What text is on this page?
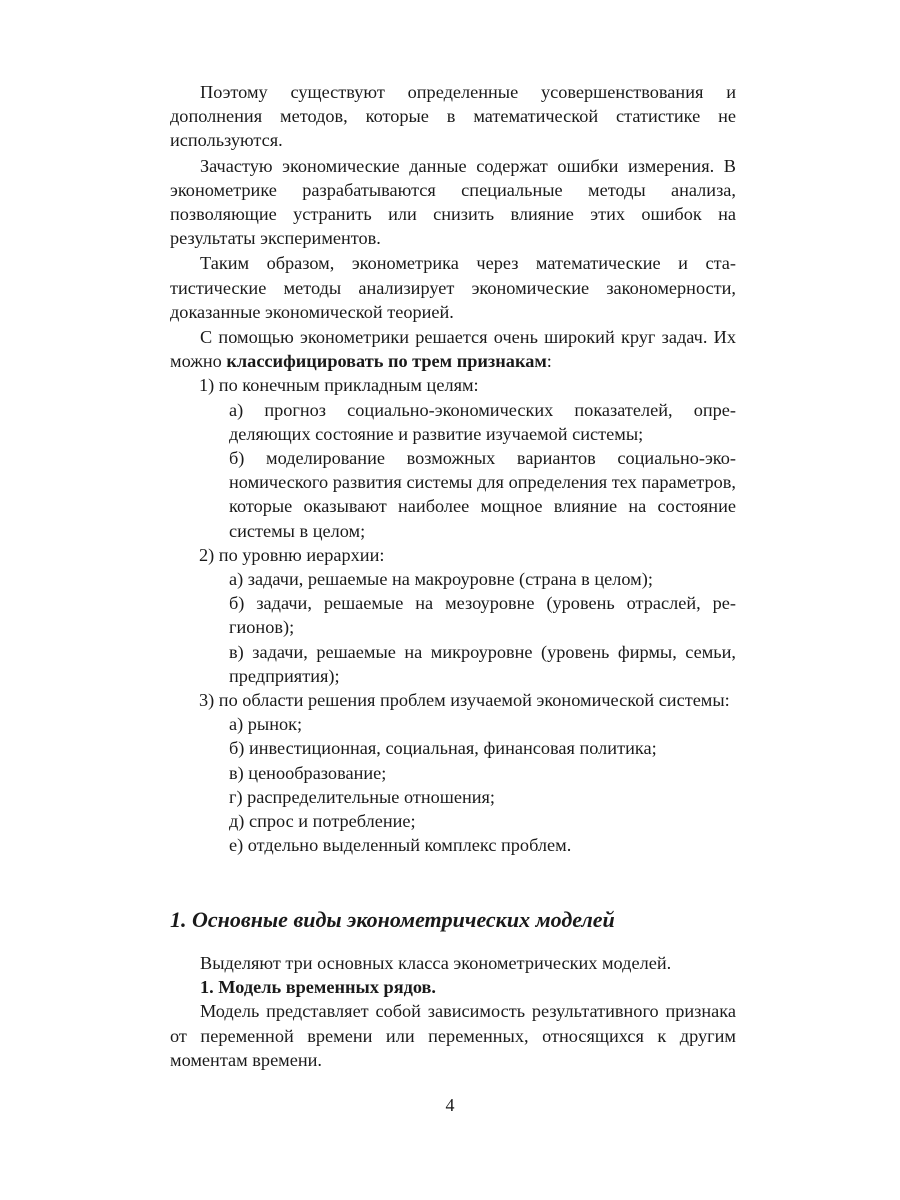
Поэтому существуют определенные усовершенствования и дополнения методов, которые в математической статистике не используются.

Зачастую экономические данные содержат ошибки измерения. В эконометрике разрабатываются специальные методы анализа, позволяющие устранить или снизить влияние этих ошибок на результаты экспериментов.

Таким образом, эконометрика через математические и статистические методы анализирует экономические закономерности, доказанные экономической теорией.

С помощью эконометрики решается очень широкий круг задач. Их можно классифицировать по трем признакам:

1) по конечным прикладным целям:

а) прогноз социально-экономических показателей, определяющих состояние и развитие изучаемой системы;

б) моделирование возможных вариантов социально-экономического развития системы для определения тех параметров, которые оказывают наиболее мощное влияние на состояние системы в целом;

2) по уровню иерархии:

а) задачи, решаемые на макроуровне (страна в целом);

б) задачи, решаемые на мезоуровне (уровень отраслей, регионов);

в) задачи, решаемые на микроуровне (уровень фирмы, семьи, предприятия);

3) по области решения проблем изучаемой экономической системы:

а) рынок;

б) инвестиционная, социальная, финансовая политика;

в) ценообразование;

г) распределительные отношения;

д) спрос и потребление;

е) отдельно выделенный комплекс проблем.

1. Основные виды эконометрических моделей

Выделяют три основных класса эконометрических моделей.

1. Модель временных рядов.

Модель представляет собой зависимость результативного признака от переменной времени или переменных, относящихся к другим моментам времени.

4
